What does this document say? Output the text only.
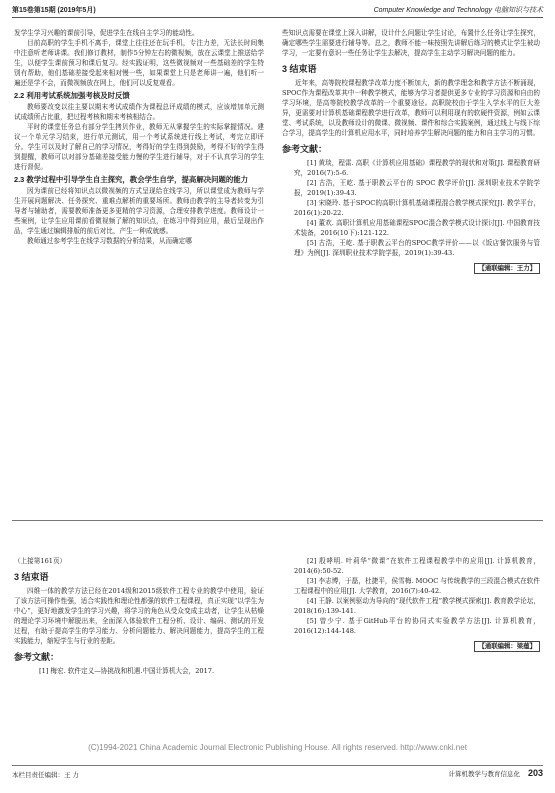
第15卷第15期 (2019年5月)	Computer Knowledge and Technology 电脑知识与技术

发学生学习兴趣的课前引导，促进学生在线自主学习的能动性。

目前高职的学生手机不离手，课堂上往往还在玩手机，专注力差，无法长时间集中注意听老师讲课。我们修订教材，制作5分钟左右的微视频，放在云课堂上推送给学生，以便学生课前预习和课后复习。经实践证明，这些微视频对一些基础差的学生特别有帮助，他们基础差接受起来相对慢一些，如果课堂上只是老师讲一遍，他们听一遍还是学不会，而微视频放在网上，他们可以反复观看。

2.2 利用考试系统加强考核及时反馈

教师要改变以往主要以期末考试成绩作为课程总评成绩的模式，应该增加单元测试成绩所占比重，把过程考核和期末考核相结合。

平时的课堂任务总有部分学生拷贝作业，教师无从掌握学生的实际掌握情况。建议一个单元学习结束，进行单元测试，用一个考试系统进行线上考试，考完立即评分。学生可以及时了解自己的学习情况，考得好的学生得到鼓励，考得不好的学生得到提醒，教师可以对部分基础差接受能力慢的学生进行辅导，对于不认真学习的学生进行督促。

2.3 教学过程中引导学生自主探究，教会学生自学，提高解决问题的能力

因为课前已经将知识点以微视频的方式呈现给在线学习，所以课堂成为教师与学生开展问题解决、任务探究、重难点解析的重要场所。教师由教学的主导者转变为引导者与辅助者，需要教师准备更多更精的学习资源，合理安排教学进度。教师设计一些案例，让学生应用课前看微视频了解的知识点，在练习中得到应用，最后呈现出作品，学生通过编辑排版的前后对比，产生一种成就感。

教师通过参考学生在线学习数据的分析结果，从而确定哪

些知识点需要在课堂上深入讲解，设计什么问题让学生讨论，布置什么任务让学生探究，确定哪些学生需要进行辅导等。总之，教师不能一味按照先讲解后练习的模式让学生被动学习，一定要有意识一些任务让学生去解决，提高学生主动学习解决问题的能力。

3 结束语

近年来，高等院校课程教学改革力度不断加大，新的教学理念和教学方法不断涌现，SPOC作为课程改革其中一种教学模式，能够为学习者提供更多专业的学习资源和自由的学习环境，是高等院校教学改革的一个重要途径。高职院校由于学生入学水平的巨大差异，更需要对计算机基础课程教学进行改革，教师可以利用现有的软硬件资源，例如云课堂、考试系统，以及教师设计的微课、微视频、课件和综合实践案例，通过线上与线下综合学习，提高学生的计算机应用水平，同时培养学生解决问题的能力和自主学习的习惯。

参考文献：

[1] 黄琰，程雷. 高职《计算机应用基础》课程教学的现状和对策[J]. 课程教育研究，2016(7):5-6.

[2] 古浩，王屹. 基于职教云平台的 SPOC 教学评价[J]. 深圳职业技术学院学报，2019(1):39-43.

[3] 宋晓玲. 基于SPOC的高职计算机基础课程混合教学模式探究[J]. 教学平台，2016(1):20-22.

[4] 董欢. 高职计算机应用基础课程SPOC混合教学模式设计探讨[J]. 中国教育技术装备，2016(10下):121-122.

[5] 古浩，王屹. 基于职教云平台的SPOC教学评价——以《饭店餐饮服务与管理》为例[J]. 深圳职业技术学院学报，2019(1):39-43.

【通联编辑：王力】

（上接第161页）

3 结束语

四维一体的教学方法已经在2014级和2015级软件工程专业的教学中使用，验证了该方法可操作性强，适合实践性和理论性都强的软件工程课程，真正实现“以学生为中心”，更好地激发学生的学习兴趣，将学习的角色从受众变成主动者，让学生从枯燥的理论学习环境中解脱出来，全面深入体验软件工程分析、设计、编码、测试的开发过程，有助于提高学生的学习能力、分析问题能力、解决问题能力，提高学生的工程实践能力，缩短学生与行业的差距。

参考文献：

[1] 梅宏. 软件定义—协挑战和机遇.中国计算机大会，2017.

[2] 殷哮明. 叶莉华“微课”在软件工程课程教学中的应用[J]. 计算机教育，2014(6):50-52.

[3] 李志博，于磊，杜捷平，侯雪梅. MOOC 与传统教学的三段混合模式在软件工程课程中的应用[J]. 大学教育，2016(7):40-42.

[4] 王静. 以案例驱动为导向的“现代软件工程”教学模式探索[J]. 教育教学论坛，2018(16):139-141.

[5] 曾少宁. 基于GitHub平台的协同式实验教学方法[J]. 计算机教育，2016(12):144-148.

【通联编辑：梁蕴】
(C)1994-2021 China Academic Journal Electronic Publishing House. All rights reserved. http://www.cnki.net
本栏目责任编辑：王 力	计算机教学与教育信息化 203
